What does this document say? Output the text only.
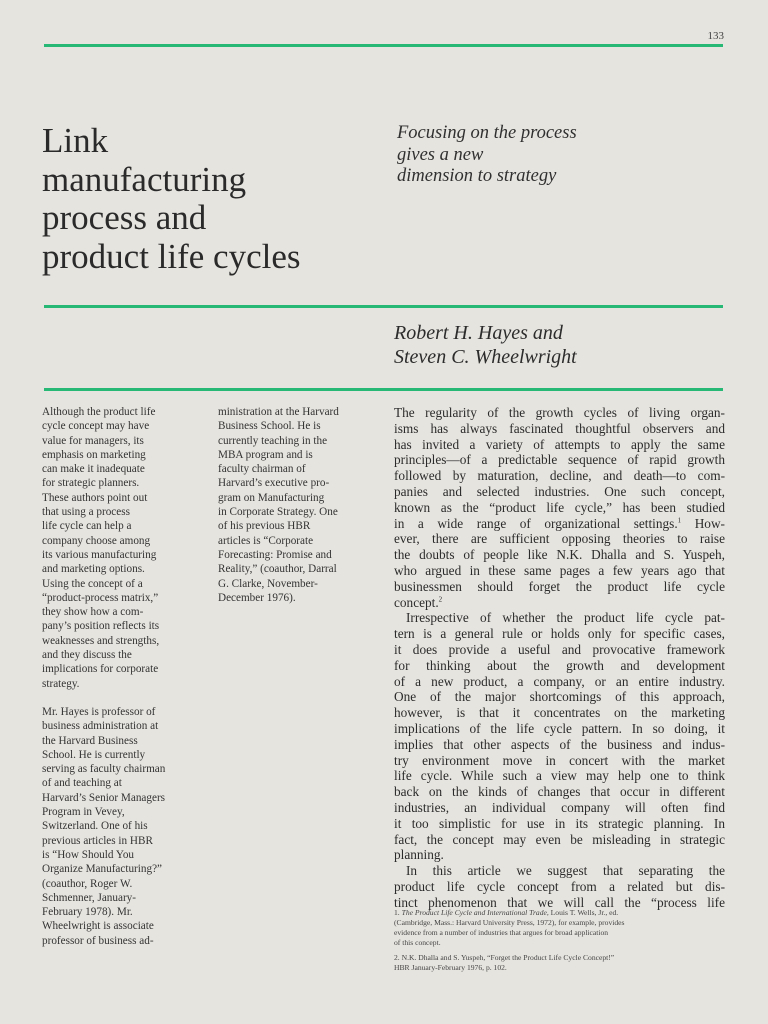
133
Link
manufacturing
process and
product life cycles
Focusing on the process
gives a new
dimension to strategy
Robert H. Hayes and
Steven C. Wheelwright
Although the product life
cycle concept may have
value for managers, its
emphasis on marketing
can make it inadequate
for strategic planners.
These authors point out
that using a process
life cycle can help a
company choose among
its various manufacturing
and marketing options.
Using the concept of a
“product-process matrix,”
they show how a com-
pany’s position reflects its
weaknesses and strengths,
and they discuss the
implications for corporate
strategy.
Mr. Hayes is professor of
business administration at
the Harvard Business
School. He is currently
serving as faculty chairman
of and teaching at
Harvard’s Senior Managers
Program in Vevey,
Switzerland. One of his
previous articles in HBR
is “How Should You
Organize Manufacturing?”
(coauthor, Roger W.
Schmenner, January-
February 1978). Mr.
Wheelwright is associate
professor of business ad-
ministration at the Harvard
Business School. He is
currently teaching in the
MBA program and is
faculty chairman of
Harvard’s executive pro-
gram on Manufacturing
in Corporate Strategy. One
of his previous HBR
articles is “Corporate
Forecasting: Promise and
Reality,” (coauthor, Darral
G. Clarke, November-
December 1976).
The regularity of the growth cycles of living organ-
isms has always fascinated thoughtful observers and
has invited a variety of attempts to apply the same
principles—of a predictable sequence of rapid growth
followed by maturation, decline, and death—to com-
panies and selected industries. One such concept,
known as the “product life cycle,” has been studied
in a wide range of organizational settings.$^1$ How-
ever, there are sufficient opposing theories to raise
the doubts of people like N.K. Dhalla and S. Yuspeh,
who argued in these same pages a few years ago that
businessmen should forget the product life cycle
concept.$^2$
Irrespective of whether the product life cycle pat-
tern is a general rule or holds only for specific cases,
it does provide a useful and provocative framework
for thinking about the growth and development
of a new product, a company, or an entire industry.
One of the major shortcomings of this approach,
however, is that it concentrates on the marketing
implications of the life cycle pattern. In so doing, it
implies that other aspects of the business and indus-
try environment move in concert with the market
life cycle. While such a view may help one to think
back on the kinds of changes that occur in different
industries, an individual company will often find
it too simplistic for use in its strategic planning. In
fact, the concept may even be misleading in strategic
planning.
In this article we suggest that separating the
product life cycle concept from a related but dis-
tinct phenomenon that we will call the “process life
1. The Product Life Cycle and International Trade, Louis T. Wells, Jr., ed.
(Cambridge, Mass.: Harvard University Press, 1972), for example, provides
evidence from a number of industries that argues for broad application
of this concept.
2. N.K. Dhalla and S. Yuspeh, “Forget the Product Life Cycle Concept!”
HBR January-February 1976, p. 102.
